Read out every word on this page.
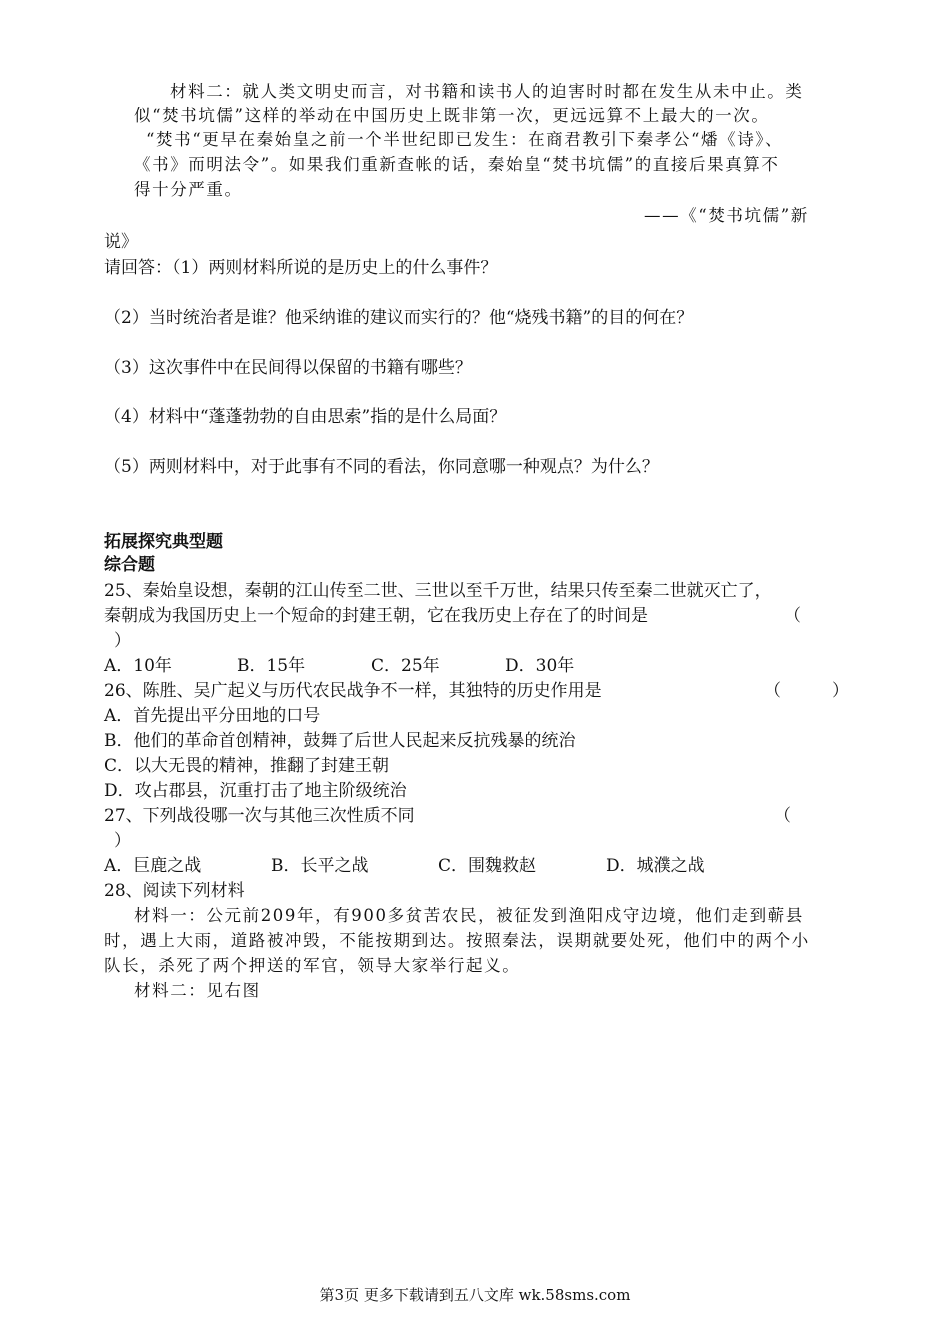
材料二：就人类文明史而言，对书籍和读书人的迫害时时都在发生从未中止。类
似“焚书坑儒”这样的举动在中国历史上既非第一次，更远远算不上最大的一次。
“焚书“更早在秦始皇之前一个半世纪即已发生：在商君教引下秦孝公“燔《诗》、
《书》而明法令”。如果我们重新查帐的话，秦始皇“焚书坑儒”的直接后果真算不
得十分严重。
——《“焚书坑儒”新
说》
请回答：（1）两则材料所说的是历史上的什么事件？
（2）当时统治者是谁？他采纳谁的建议而实行的？他“烧残书籍”的目的何在？
（3）这次事件中在民间得以保留的书籍有哪些？
（4）材料中“蓬蓬勃勃的自由思索”指的是什么局面？
（5）两则材料中，对于此事有不同的看法，你同意哪一种观点？为什么？
拓展探究典型题
综合题
25、秦始皇设想，秦朝的江山传至二世、三世以至千万世，结果只传至秦二世就灭亡了，
秦朝成为我国历史上一个短命的封建王朝，它在我历史上存在了的时间是	（
）
A．10年	B．15年	C．25年	D．30年
26、陈胜、吴广起义与历代农民战争不一样，其独特的历史作用是	（　　　）
A．首先提出平分田地的口号
B．他们的革命首创精神，鼓舞了后世人民起来反抗残暴的统治
C．以大无畏的精神，推翻了封建王朝
D．攻占郡县，沉重打击了地主阶级统治
27、下列战役哪一次与其他三次性质不同	（
）
A．巨鹿之战	B．长平之战	C．围魏救赵	D．城濮之战
28、阅读下列材料
材料一：公元前209年，有900多贫苦农民，被征发到渔阳戍守边境，他们走到蕲县
时，遇上大雨，道路被冲毁，不能按期到达。按照秦法，误期就要处死，他们中的两个小
队长，杀死了两个押送的军官，领导大家举行起义。
材料二：见右图
第3页 更多下载请到五八文库 wk.58sms.com
